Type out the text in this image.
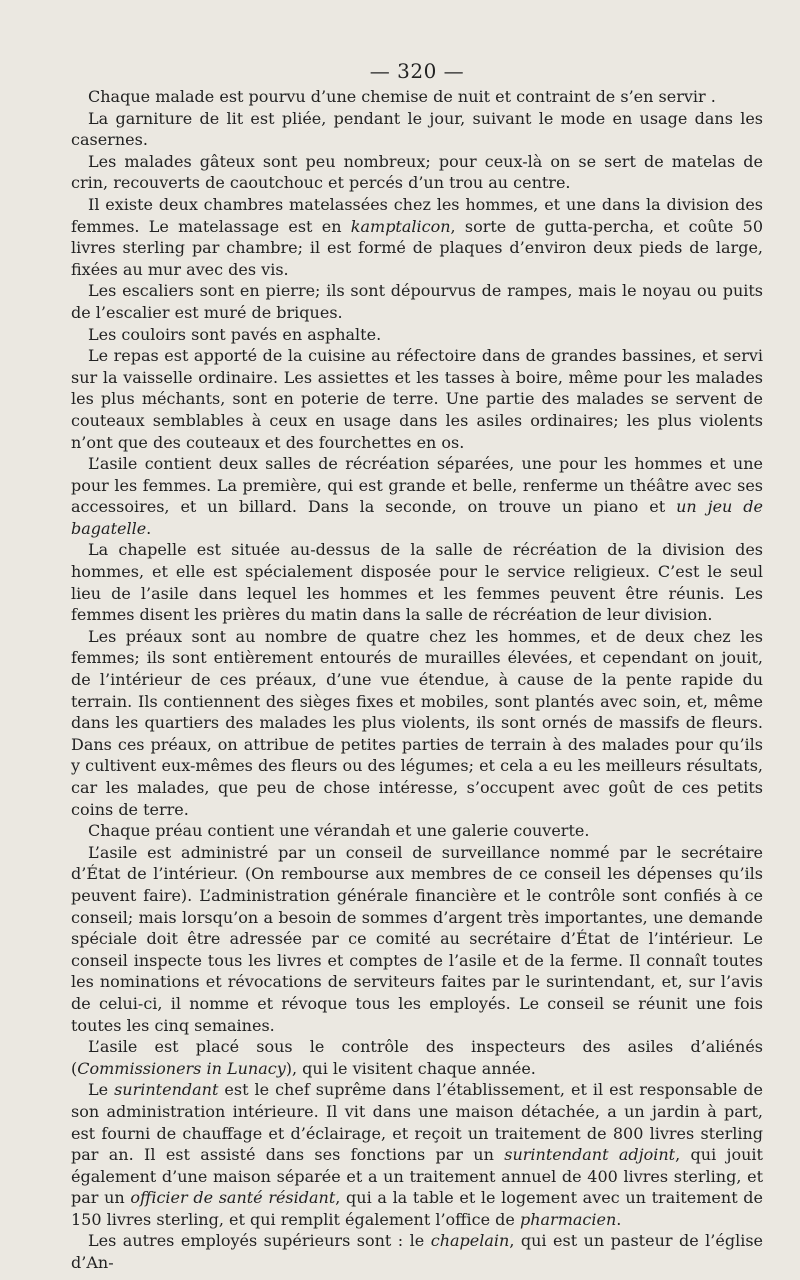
— 320 —

Chaque malade est pourvu d’une chemise de nuit et contraint de s’en servir .

La garniture de lit est pliée, pendant le jour, suivant le mode en usage dans les casernes.

Les malades gâteux sont peu nombreux; pour ceux-là on se sert de matelas de crin, recouverts de caoutchouc et percés d’un trou au centre.

Il existe deux chambres matelassées chez les hommes, et une dans la division des femmes. Le matelassage est en kamptalicon, sorte de gutta-percha, et coûte 50 livres sterling par chambre; il est formé de plaques d’environ deux pieds de large, fixées au mur avec des vis.

Les escaliers sont en pierre; ils sont dépourvus de rampes, mais le noyau ou puits de l’escalier est muré de briques.

Les couloirs sont pavés en asphalte.

Le repas est apporté de la cuisine au réfectoire dans de grandes bassines, et servi sur la vaisselle ordinaire. Les assiettes et les tasses à boire, même pour les malades les plus méchants, sont en poterie de terre. Une partie des malades se servent de couteaux semblables à ceux en usage dans les asiles ordinaires; les plus violents n’ont que des couteaux et des fourchettes en os.

L’asile contient deux salles de récréation séparées, une pour les hommes et une pour les femmes. La première, qui est grande et belle, renferme un théâtre avec ses accessoires, et un billard. Dans la seconde, on trouve un piano et un jeu de bagatelle.

La chapelle est située au-dessus de la salle de récréation de la division des hommes, et elle est spécialement disposée pour le service religieux. C’est le seul lieu de l’asile dans lequel les hommes et les femmes peuvent être réunis. Les femmes disent les prières du matin dans la salle de récréation de leur division.

Les préaux sont au nombre de quatre chez les hommes, et de deux chez les femmes; ils sont entièrement entourés de murailles élevées, et cependant on jouit, de l’intérieur de ces préaux, d’une vue étendue, à cause de la pente rapide du terrain. Ils contiennent des sièges fixes et mobiles, sont plantés avec soin, et, même dans les quartiers des malades les plus violents, ils sont ornés de massifs de fleurs. Dans ces préaux, on attribue de petites parties de terrain à des malades pour qu’ils y cultivent eux-mêmes des fleurs ou des légumes; et cela a eu les meilleurs résultats, car les malades, que peu de chose intéresse, s’occupent avec goût de ces petits coins de terre.

Chaque préau contient une vérandah et une galerie couverte.

L’asile est administré par un conseil de surveillance nommé par le secrétaire d’État de l’intérieur. (On rembourse aux membres de ce conseil les dépenses qu’ils peuvent faire). L’administration générale financière et le contrôle sont confiés à ce conseil; mais lorsqu’on a besoin de sommes d’argent très importantes, une demande spéciale doit être adressée par ce comité au secrétaire d’État de l’intérieur. Le conseil inspecte tous les livres et comptes de l’asile et de la ferme. Il connaît toutes les nominations et révocations de serviteurs faites par le surintendant, et, sur l’avis de celui-ci, il nomme et révoque tous les employés. Le conseil se réunit une fois toutes les cinq semaines.

L’asile est placé sous le contrôle des inspecteurs des asiles d’aliénés (Commissioners in Lunacy), qui le visitent chaque année.

Le surintendant est le chef suprême dans l’établissement, et il est responsable de son administration intérieure. Il vit dans une maison détachée, a un jardin à part, est fourni de chauffage et d’éclairage, et reçoit un traitement de 800 livres sterling par an. Il est assisté dans ses fonctions par un surintendant adjoint, qui jouit également d’une maison séparée et a un traitement annuel de 400 livres sterling, et par un officier de santé résidant, qui a la table et le logement avec un traitement de 150 livres sterling, et qui remplit également l’office de pharmacien.

Les autres employés supérieurs sont : le chapelain, qui est un pasteur de l’église d’An-
